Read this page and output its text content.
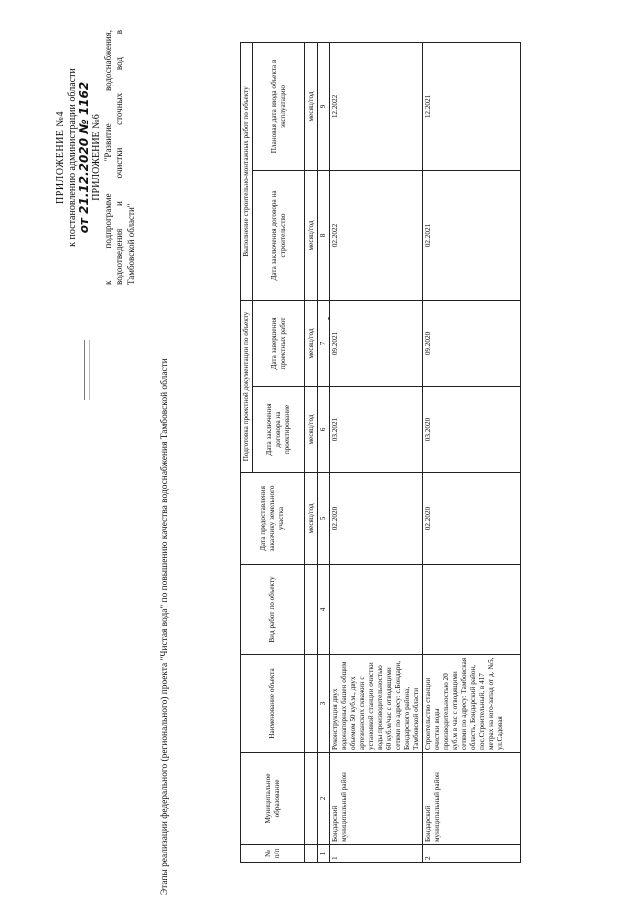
ПРИЛОЖЕНИЕ №4 к постановлению администрации области от 21.12.2020 № 1162 ПРИЛОЖЕНИЕ №6 к подпрограмме "Развитие водоснабжения, водоотведения и очистки сточных вод в Тамбовской области"
Этапы реализации федерального (регионального) проекта "Чистая вода" по повышению качества водоснабжения Тамбовской области	№ п/п	Муниципальное образование	Наименование объекта	Вид работ по объекту	Дата предоставления заказчику земельного участка	Подготовка проектной документации по объекту		Выполнение строительно-монтажных работ по объекту	
					Дата заключения договора на проектирование	Дата завершения проектных работ	Дата заключения договора на строительство	Плановая дата ввода объекта в эксплуатацию
				месяц/год	месяц/год	месяц/год	месяц/год	месяц/год
1	2	3	4	5	6	7	8	9
1	Бондарский муниципальный район	Реконструкция двух водонапорных башен общим объемом 50 куб.м., двух артезианских скважин с установкой станции очистки воды производительностью 60 куб.м/час с отводящими сетями по адресу: с.Бондари, Бондарского района, Тамбовской области		02.2020	03.2021	09.2021	02.2022	12.2022
2	Бондарский муниципальный район	Строительство станции очистки воды производительностью 20 куб.м в час с отводящими сетями по адресу: Тамбовская область, Бондарский район, пос.Строительный, в 417 метрах на юго-запад от д. №5, ул.Садовая		02.2020	03.2020	09.2020	02.2021	12.2021
